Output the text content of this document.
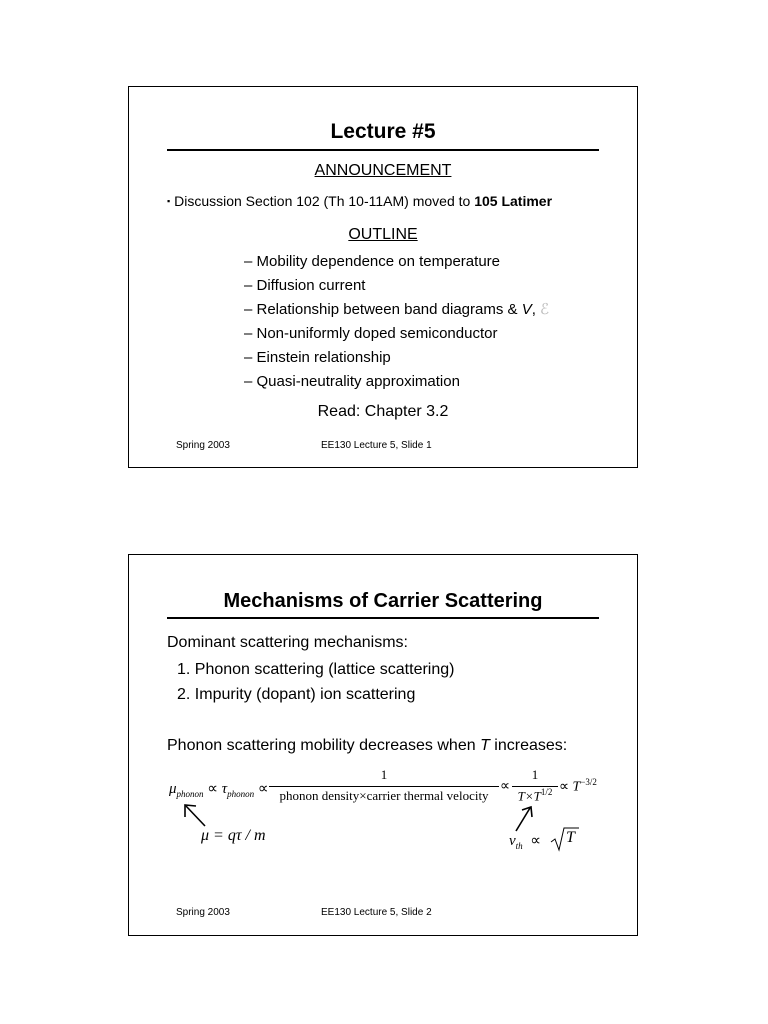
Lecture #5
ANNOUNCEMENT
▪ Discussion Section 102 (Th 10-11AM) moved to 105 Latimer
OUTLINE
– Mobility dependence on temperature
– Diffusion current
– Relationship between band diagrams & V, ℰ
– Non-uniformly doped semiconductor
– Einstein relationship
– Quasi-neutrality approximation
Read: Chapter 3.2
Spring 2003	EE130 Lecture 5, Slide 1
Mechanisms of Carrier Scattering
Dominant scattering mechanisms:
1. Phonon scattering (lattice scattering)
2. Impurity (dopant) ion scattering
Phonon scattering mobility decreases when T increases:
$\mu_{phonon} \propto \tau_{phonon}$ ∝
1
phonon density×carrier thermal velocity
∝
1
$T\times T^{1/2} \propto T^{-3/2}$
μ = qτ / m	$v_{th} \propto T$
Spring 2003	EE130 Lecture 5, Slide 2
